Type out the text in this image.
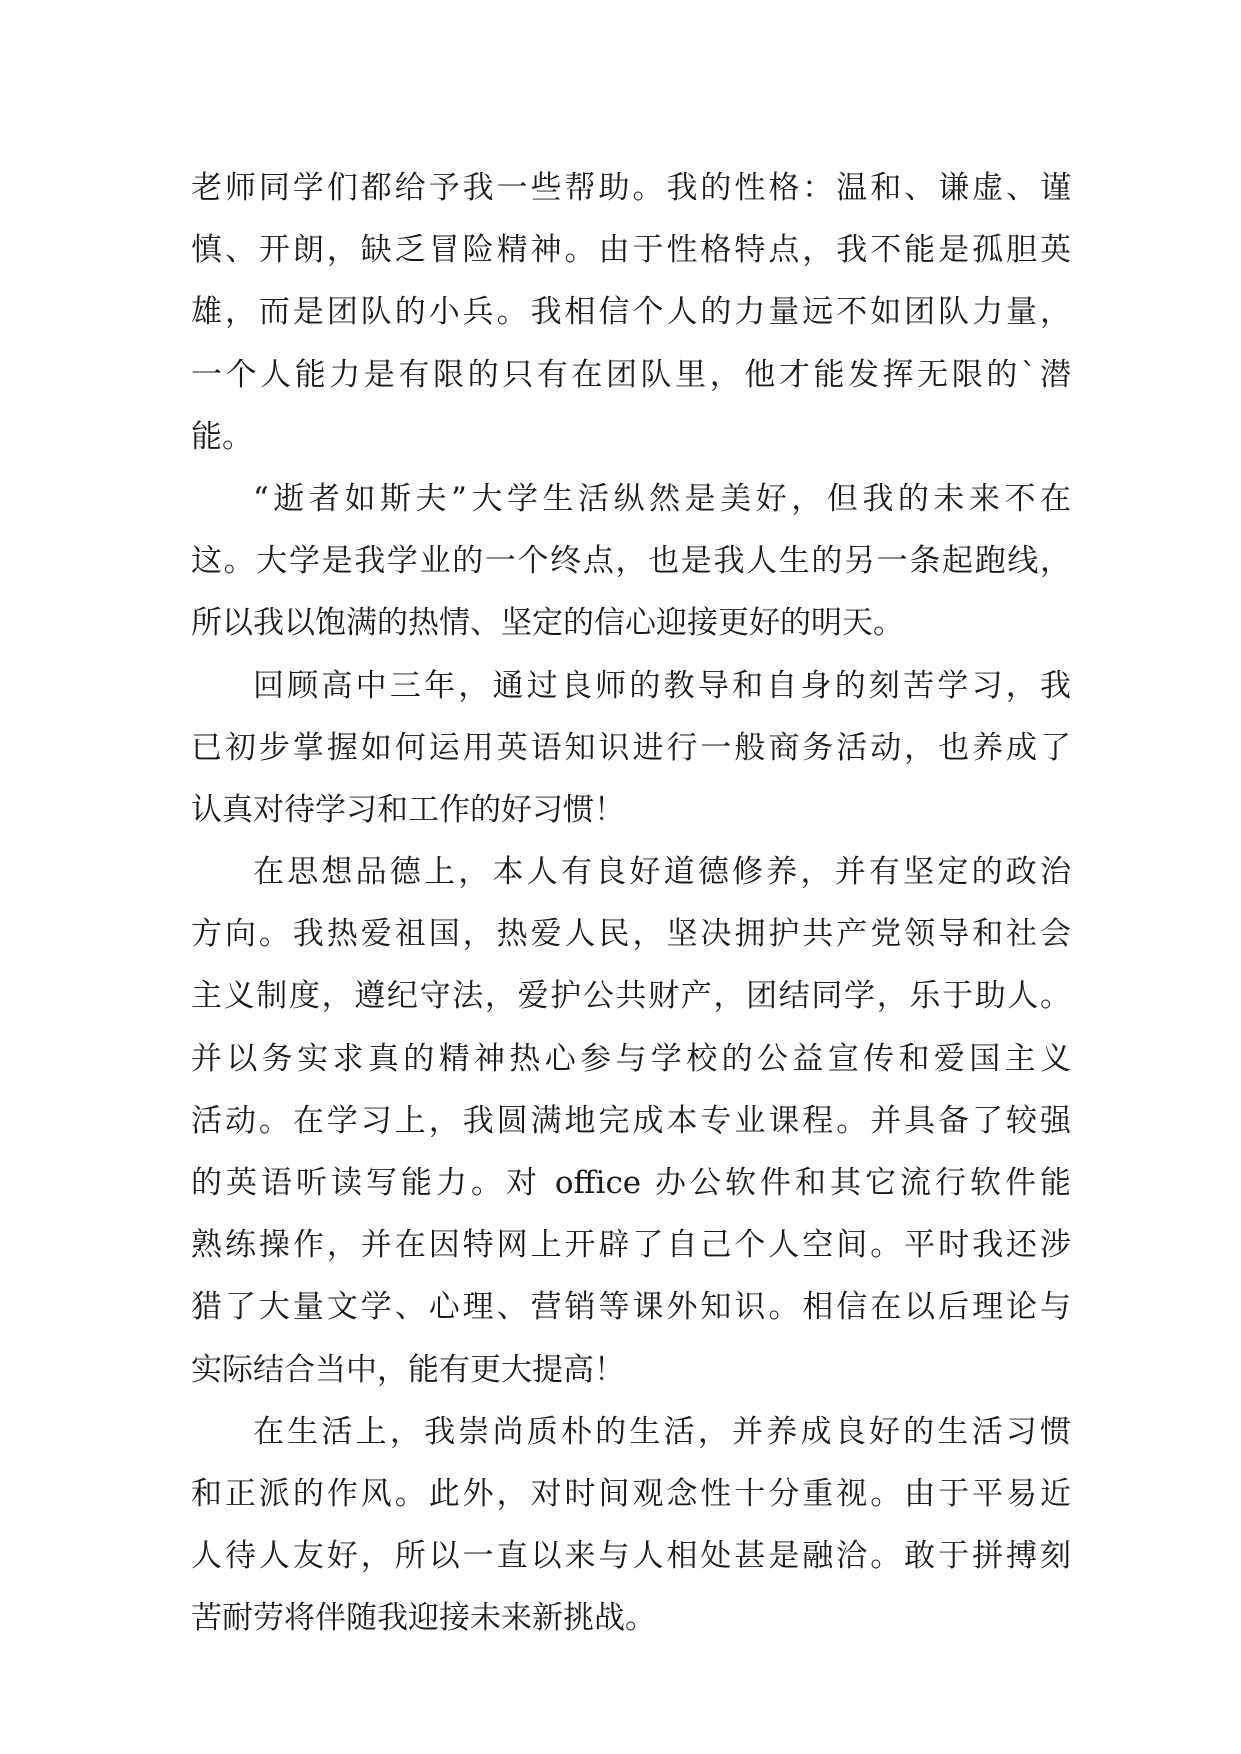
老师同学们都给予我一些帮助。我的性格：温和、谦虚、谨
慎、开朗，缺乏冒险精神。由于性格特点，我不能是孤胆英
雄，而是团队的小兵。我相信个人的力量远不如团队力量，
一个人能力是有限的只有在团队里，他才能发挥无限的`潜
能。
“逝者如斯夫”大学生活纵然是美好，但我的未来不在
这。大学是我学业的一个终点，也是我人生的另一条起跑线，
所以我以饱满的热情、坚定的信心迎接更好的明天。
回顾高中三年，通过良师的教导和自身的刻苦学习，我
已初步掌握如何运用英语知识进行一般商务活动，也养成了
认真对待学习和工作的好习惯！
在思想品德上，本人有良好道德修养，并有坚定的政治
方向。我热爱祖国，热爱人民，坚决拥护共产党领导和社会
主义制度，遵纪守法，爱护公共财产，团结同学，乐于助人。
并以务实求真的精神热心参与学校的公益宣传和爱国主义
活动。在学习上，我圆满地完成本专业课程。并具备了较强
的英语听读写能力。对 office 办公软件和其它流行软件能
熟练操作，并在因特网上开辟了自己个人空间。平时我还涉
猎了大量文学、心理、营销等课外知识。相信在以后理论与
实际结合当中，能有更大提高！
在生活上，我崇尚质朴的生活，并养成良好的生活习惯
和正派的作风。此外，对时间观念性十分重视。由于平易近
人待人友好，所以一直以来与人相处甚是融洽。敢于拼搏刻
苦耐劳将伴随我迎接未来新挑战。
